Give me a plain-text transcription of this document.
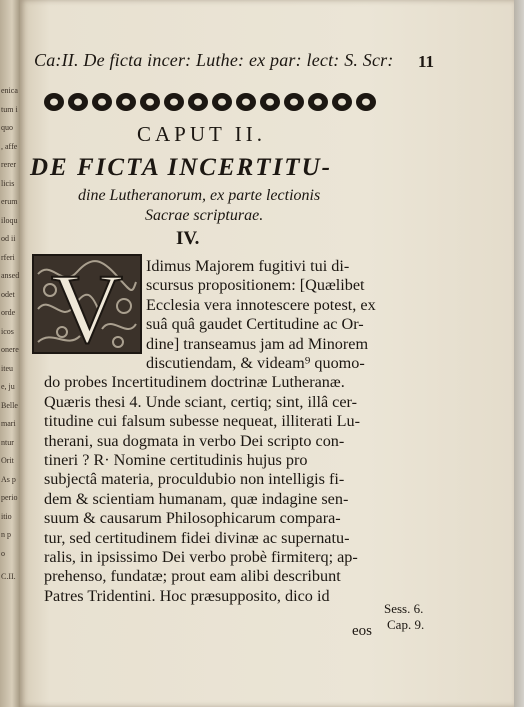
enica
tum i
quo
, affe
rerer
licis
erum
iloqu
od ii
rferi
ansed
odet
orde
icos
onere
iteu
e, ju
Belle
mari
ntur
Orit
As p
perio
itio
n p
o
C.II.
Ca:II. De ficta incer: Luthe: ex par: lect: S. Scr:	11
CAPUT II.
DE FICTA INCERTITU-
dine Lutheranorum, ex parte lectionis
Sacrae scripturae.
IV.
V Idimus Majorem fugitivi tui di-
scursus propositionem: [Quælibet
Ecclesia vera innotescere potest, ex
suâ quâ gaudet Certitudine ac Or-
dine] transeamus jam ad Minorem
discutiendam, & videam⁹ quomo-
do probes Incertitudinem doctrinæ Lutheranæ.
Quæris thesi 4. Unde sciant, certiq; sint, illâ cer-
titudine cui falsum subesse nequeat, illiterati Lu-
therani, sua dogmata in verbo Dei scripto con-
tineri ? R· Nomine certitudinis hujus pro
subjectâ materia, proculdubio non intelligis fi-
dem & scientiam humanam, quæ indagine sen-
suum & causarum Philosophicarum compara-
tur, sed certitudinem fidei divinæ ac supernatu-
ralis, in ipsissimo Dei verbo probè firmiterq; ap-
prehenso, fundatæ; prout eam alibi describunt
Patres Tridentini. Hoc præsupposito, dico id
Sess. 6.
Cap. 9.
eos
